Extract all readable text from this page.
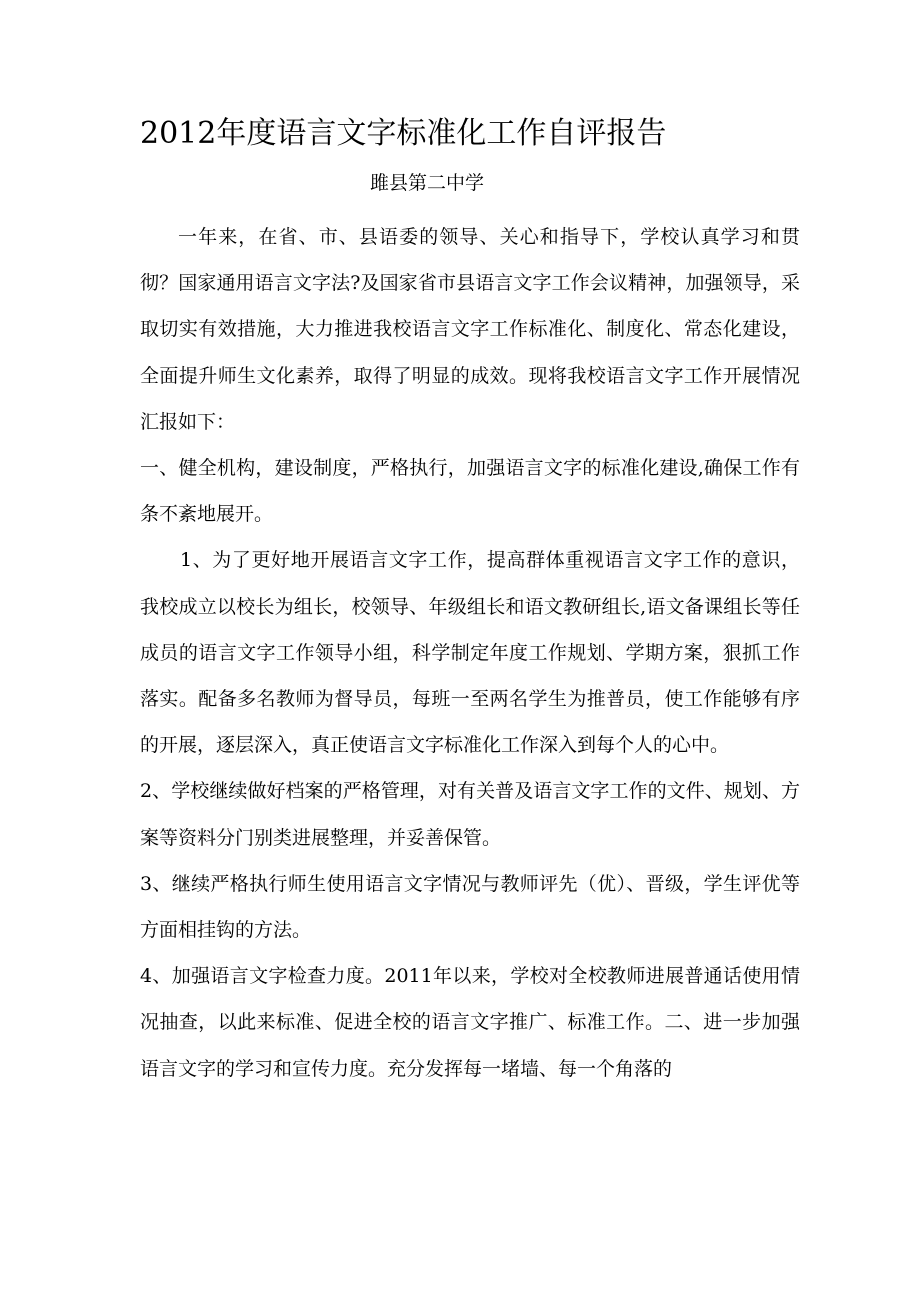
2012年度语言文字标准化工作自评报告
雎县第二中学

一年来，在省、市、县语委的领导、关心和指导下，学校认真学习和贯彻？国家通用语言文字法?及国家省市县语言文字工作会议精神，加强领导，采取切实有效措施，大力推进我校语言文字工作标准化、制度化、常态化建设，全面提升师生文化素养，取得了明显的成效。现将我校语言文字工作开展情况汇报如下：

一、健全机构，建设制度，严格执行，加强语言文字的标准化建设,确保工作有条不紊地展开。

1、为了更好地开展语言文字工作，提高群体重视语言文字工作的意识，我校成立以校长为组长，校领导、年级组长和语文教研组长,语文备课组长等任成员的语言文字工作领导小组，科学制定年度工作规划、学期方案，狠抓工作落实。配备多名教师为督导员，每班一至两名学生为推普员，使工作能够有序的开展，逐层深入，真正使语言文字标准化工作深入到每个人的心中。

2、学校继续做好档案的严格管理，对有关普及语言文字工作的文件、规划、方案等资料分门别类进展整理，并妥善保管。

3、继续严格执行师生使用语言文字情况与教师评先（优）、晋级，学生评优等方面相挂钩的方法。

4、加强语言文字检查力度。2011年以来，学校对全校教师进展普通话使用情况抽查，以此来标准、促进全校的语言文字推广、标准工作。二、进一步加强语言文字的学习和宣传力度。充分发挥每一堵墙、每一个角落的
